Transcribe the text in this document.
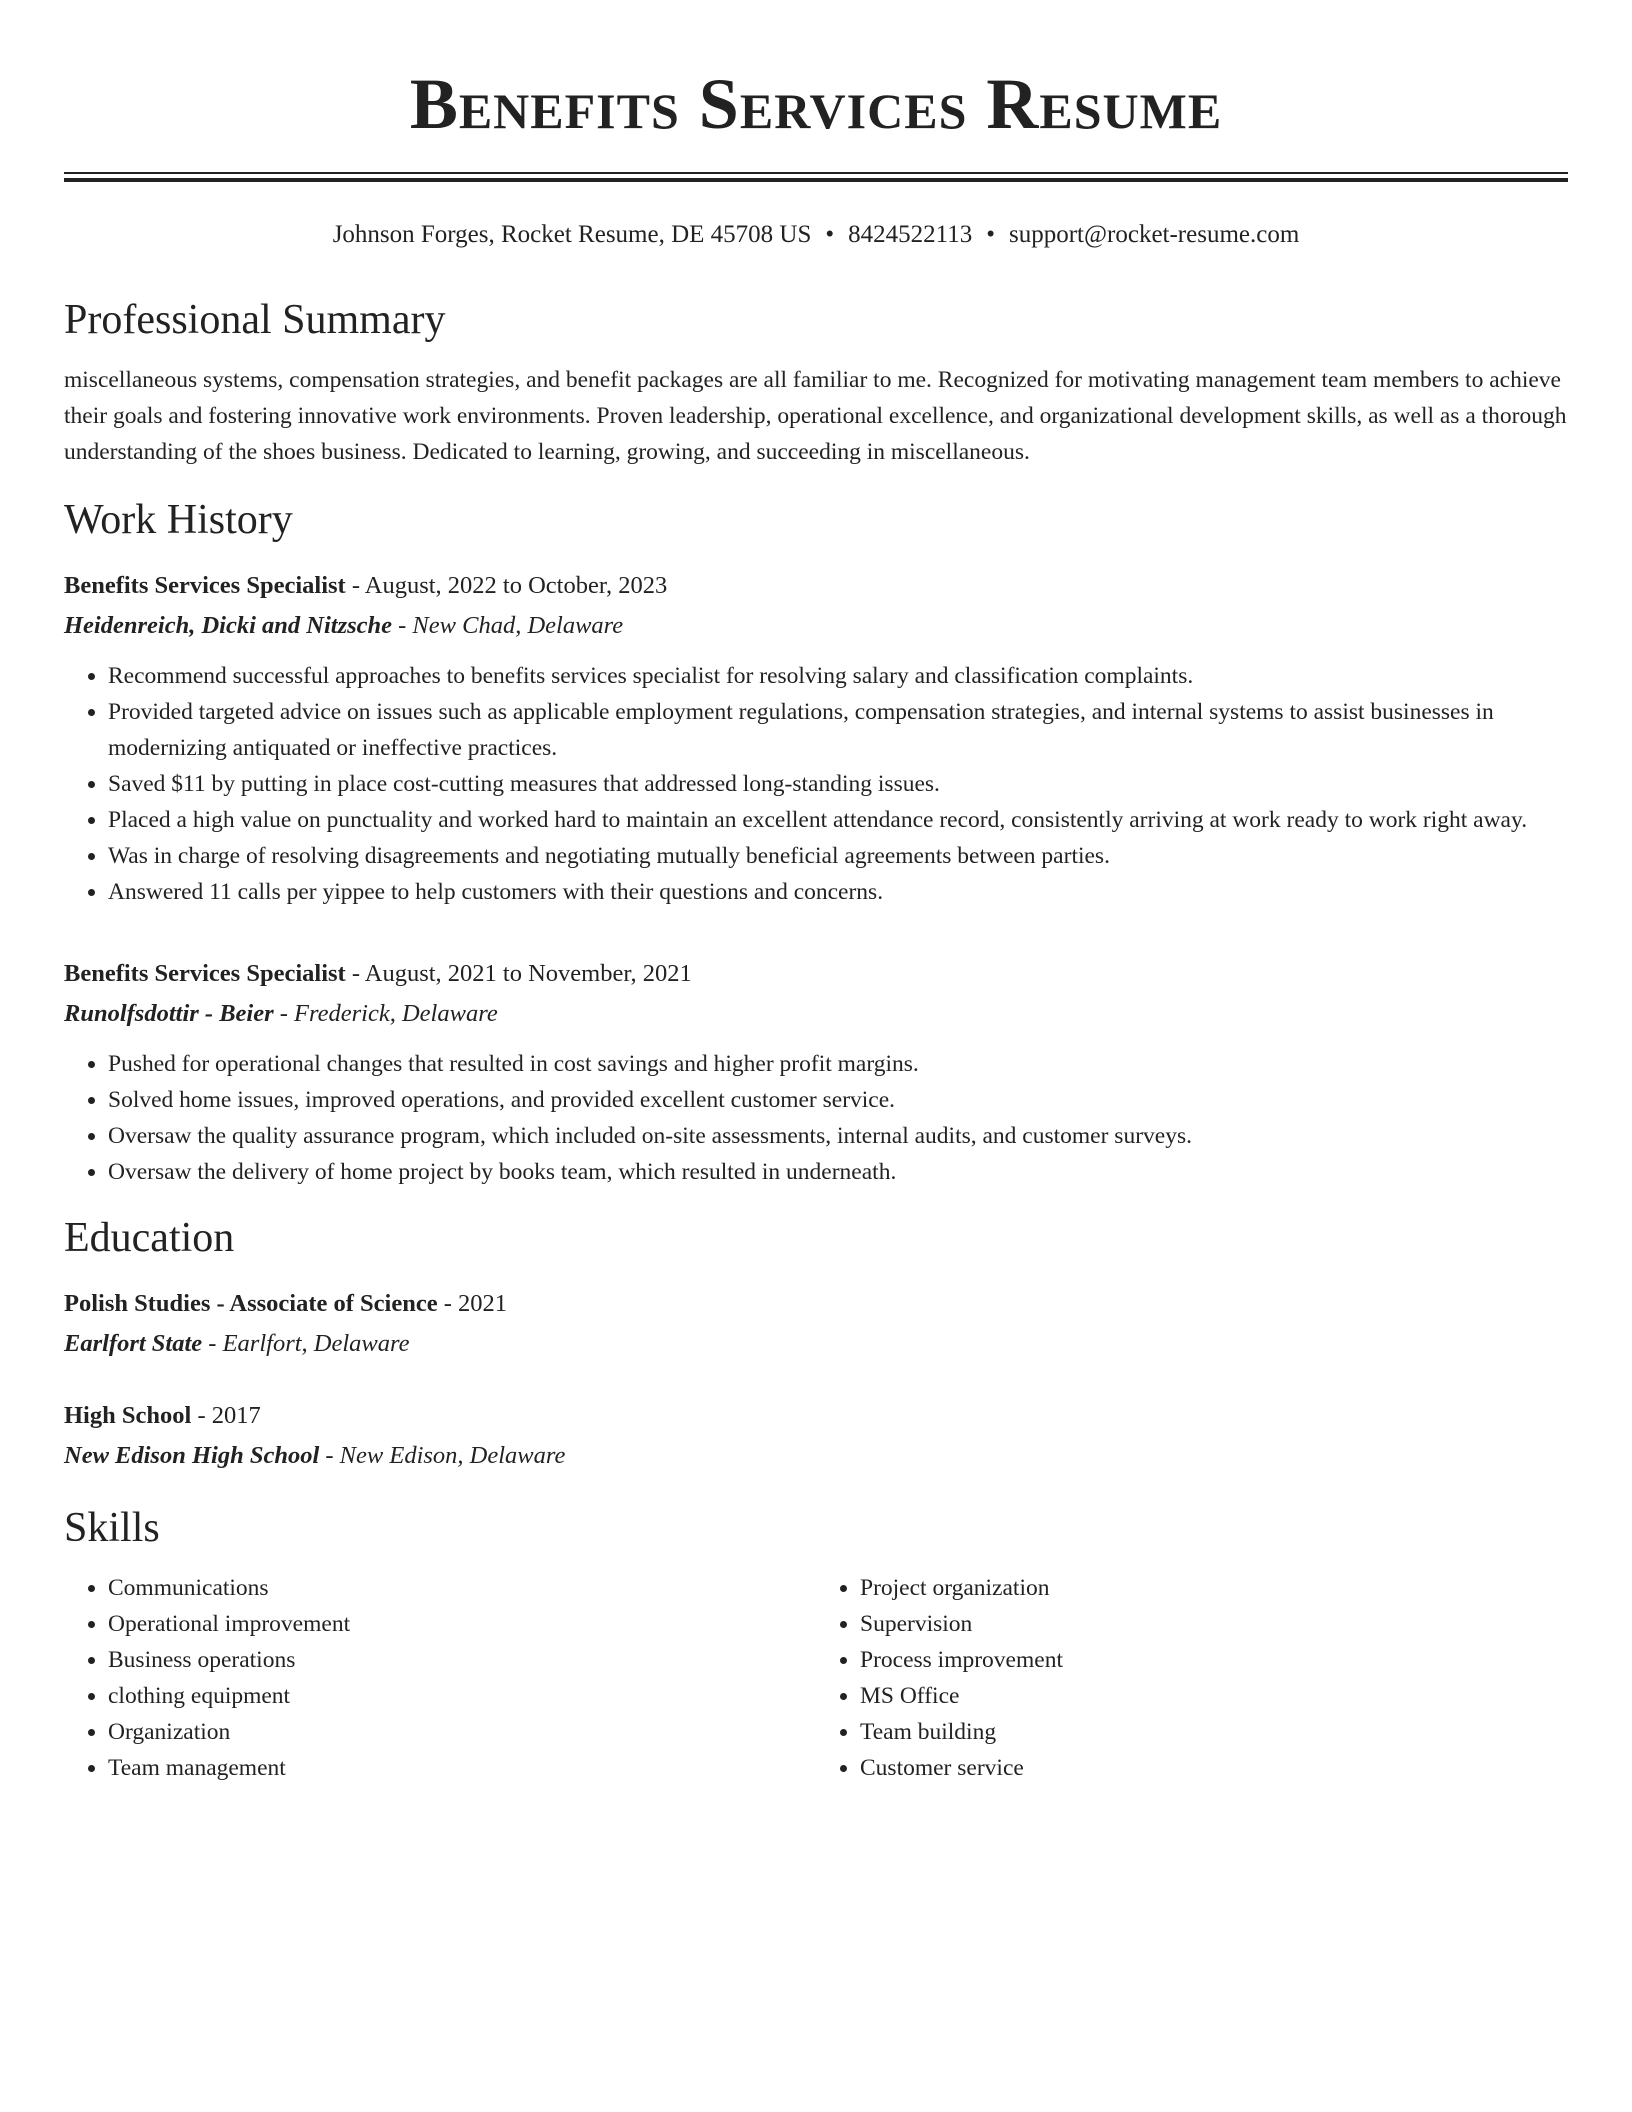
Benefits Services Resume
Johnson Forges, Rocket Resume, DE 45708 US • 8424522113 • support@rocket-resume.com
Professional Summary

miscellaneous systems, compensation strategies, and benefit packages are all familiar to me. Recognized for motivating management team members to achieve their goals and fostering innovative work environments. Proven leadership, operational excellence, and organizational development skills, as well as a thorough understanding of the shoes business. Dedicated to learning, growing, and succeeding in miscellaneous.

Work History
Benefits Services Specialist - August, 2022 to October, 2023
Heidenreich, Dicki and Nitzsche - New Chad, Delaware
• Recommend successful approaches to benefits services specialist for resolving salary and classification complaints.
• Provided targeted advice on issues such as applicable employment regulations, compensation strategies, and internal systems to assist businesses in modernizing antiquated or ineffective practices.
• Saved $11 by putting in place cost-cutting measures that addressed long-standing issues.
• Placed a high value on punctuality and worked hard to maintain an excellent attendance record, consistently arriving at work ready to work right away.
• Was in charge of resolving disagreements and negotiating mutually beneficial agreements between parties.
• Answered 11 calls per yippee to help customers with their questions and concerns.
Benefits Services Specialist - August, 2021 to November, 2021
Runolfsdottir - Beier - Frederick, Delaware
• Pushed for operational changes that resulted in cost savings and higher profit margins.
• Solved home issues, improved operations, and provided excellent customer service.
• Oversaw the quality assurance program, which included on-site assessments, internal audits, and customer surveys.
• Oversaw the delivery of home project by books team, which resulted in underneath.
Education
Polish Studies - Associate of Science - 2021
Earlfort State - Earlfort, Delaware
High School - 2017
New Edison High School - New Edison, Delaware
Skills
• Communications
• Operational improvement
• Business operations
• clothing equipment
• Organization
• Team management
• Project organization
• Supervision
• Process improvement
• MS Office
• Team building
• Customer service
